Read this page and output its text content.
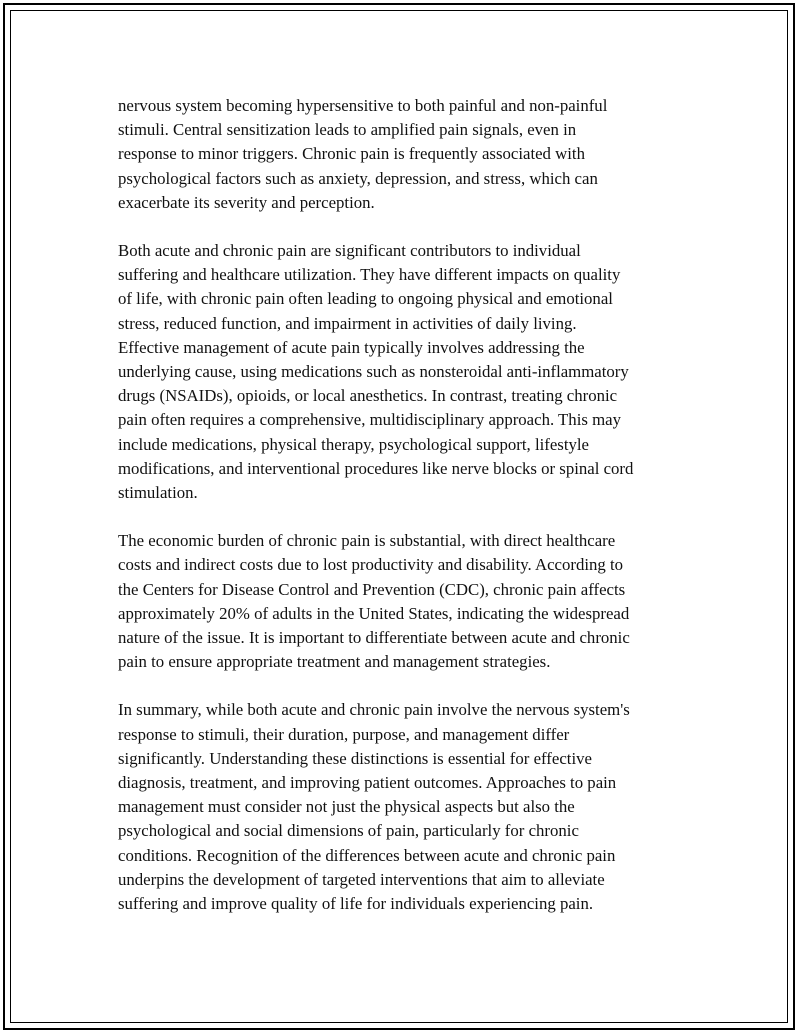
nervous system becoming hypersensitive to both painful and non-painful
stimuli. Central sensitization leads to amplified pain signals, even in
response to minor triggers. Chronic pain is frequently associated with
psychological factors such as anxiety, depression, and stress, which can
exacerbate its severity and perception.

Both acute and chronic pain are significant contributors to individual
suffering and healthcare utilization. They have different impacts on quality
of life, with chronic pain often leading to ongoing physical and emotional
stress, reduced function, and impairment in activities of daily living.
Effective management of acute pain typically involves addressing the
underlying cause, using medications such as nonsteroidal anti-inflammatory
drugs (NSAIDs), opioids, or local anesthetics. In contrast, treating chronic
pain often requires a comprehensive, multidisciplinary approach. This may
include medications, physical therapy, psychological support, lifestyle
modifications, and interventional procedures like nerve blocks or spinal cord
stimulation.

The economic burden of chronic pain is substantial, with direct healthcare
costs and indirect costs due to lost productivity and disability. According to
the Centers for Disease Control and Prevention (CDC), chronic pain affects
approximately 20% of adults in the United States, indicating the widespread
nature of the issue. It is important to differentiate between acute and chronic
pain to ensure appropriate treatment and management strategies.

In summary, while both acute and chronic pain involve the nervous system's
response to stimuli, their duration, purpose, and management differ
significantly. Understanding these distinctions is essential for effective
diagnosis, treatment, and improving patient outcomes. Approaches to pain
management must consider not just the physical aspects but also the
psychological and social dimensions of pain, particularly for chronic
conditions. Recognition of the differences between acute and chronic pain
underpins the development of targeted interventions that aim to alleviate
suffering and improve quality of life for individuals experiencing pain.
